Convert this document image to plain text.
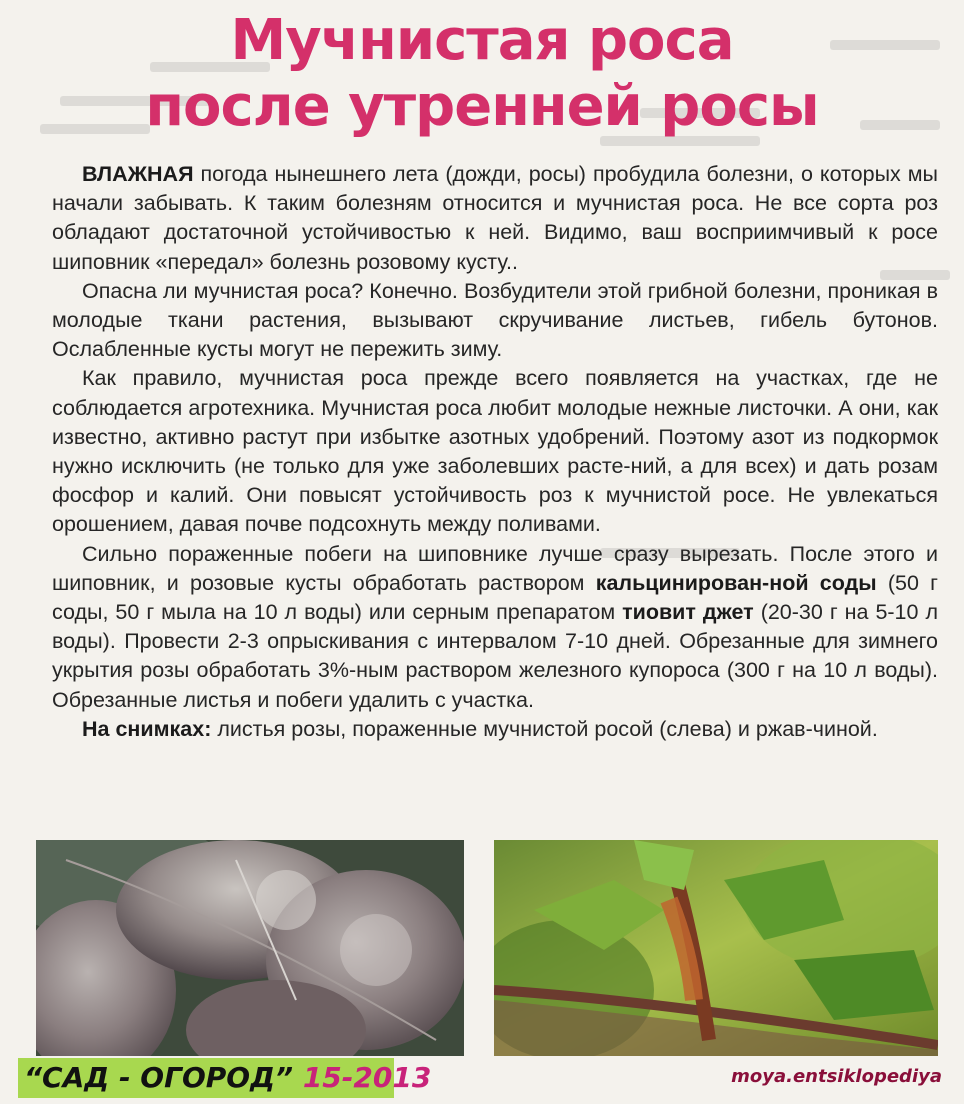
Мучнистая роса
после утренней росы

ВЛАЖНАЯ погода нынешнего лета (дожди, росы) пробудила болезни, о которых мы начали забывать. К таким болезням относится и мучнистая роса. Не все сорта роз обладают достаточной устойчивостью к ней. Видимо, ваш восприимчивый к росе шиповник «передал» болезнь розовому кусту..

Опасна ли мучнистая роса? Конечно. Возбудители этой грибной болезни, проникая в молодые ткани растения, вызывают скручивание листьев, гибель бутонов. Ослабленные кусты могут не пережить зиму.

Как правило, мучнистая роса прежде всего появляется на участках, где не соблюдается агротехника. Мучнистая роса любит молодые нежные листочки. А они, как известно, активно растут при избытке азотных удобрений. Поэтому азот из подкормок нужно исключить (не только для уже заболевших расте-ний, а для всех) и дать розам фосфор и калий. Они повысят устойчивость роз к мучнистой росе. Не увлекаться орошением, давая почве подсохнуть между поливами.

Сильно пораженные побеги на шиповнике лучше сразу вырезать. После этого и шиповник, и розовые кусты обработать раствором кальцинирован-ной соды (50 г соды, 50 г мыла на 10 л воды) или серным препаратом тиовит джет (20-30 г на 5-10 л воды). Провести 2-3 опрыскивания с интервалом 7-10 дней. Обрезанные для зимнего укрытия розы обработать 3%-ным раствором железного купороса (300 г на 10 л воды). Обрезанные листья и побеги удалить с участка.

На снимках: листья розы, пораженные мучнистой росой (слева) и ржав-чиной.

“САД - ОГОРОД” 15-2013	moya.entsiklopediya
